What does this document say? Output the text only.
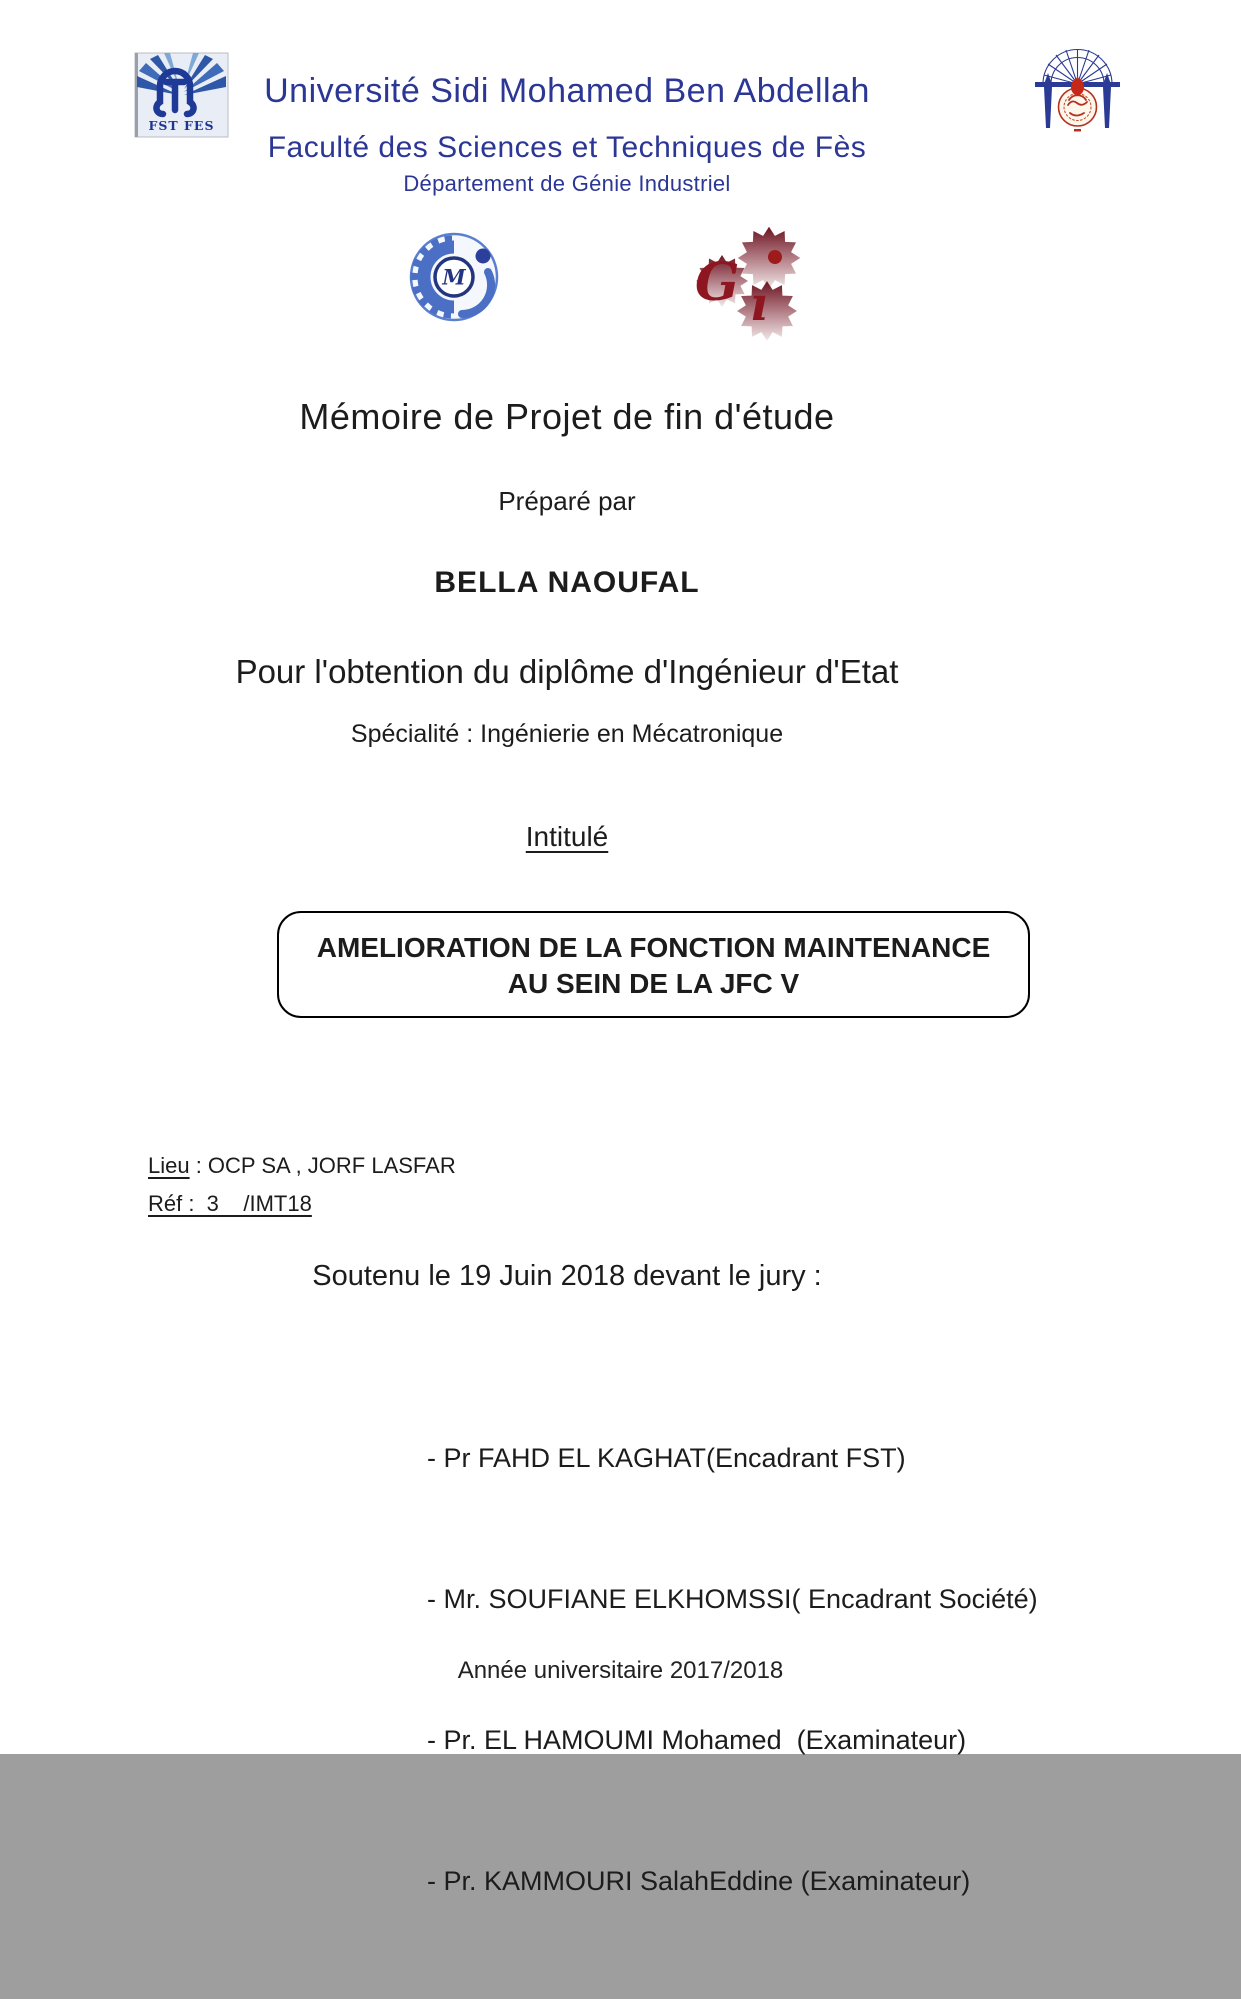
FST FES
Université Sidi Mohamed Ben Abdellah
Faculté des Sciences et Techniques de Fès
Département de Génie Industriel
M	G ı
Mémoire de Projet de fin d'étude
Préparé par
BELLA NAOUFAL
Pour l'obtention du diplôme d'Ingénieur d'Etat
Spécialité : Ingénierie en Mécatronique
Intitulé
AMELIORATION DE LA FONCTION MAINTENANCE
AU SEIN DE LA JFC V
Lieu : OCP SA , JORF LASFAR
Réf :  3    /IMT18
Soutenu le 19 Juin 2018 devant le jury :

- Pr FAHD EL KAGHAT(Encadrant FST)

- Mr. SOUFIANE ELKHOMSSI( Encadrant Société)

- Pr. EL HAMOUMI Mohamed  (Examinateur)

- Pr. KAMMOURI SalahEddine (Examinateur)

Année universitaire 2017/2018
